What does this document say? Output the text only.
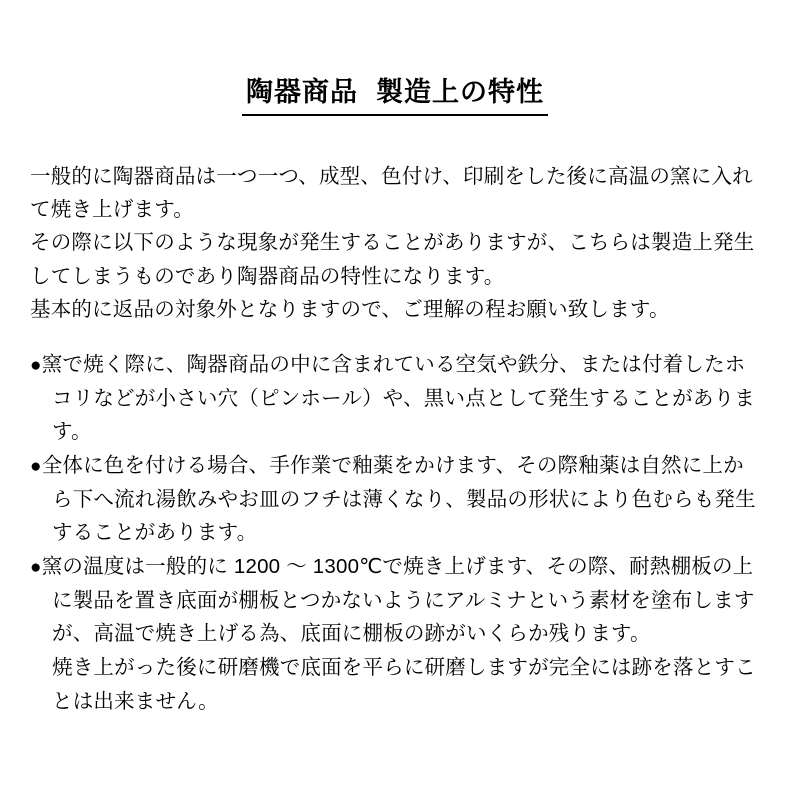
陶器商品 製造上の特性

一般的に陶器商品は一つ一つ、成型、色付け、印刷をした後に高温の窯に入れて焼き上げます。

その際に以下のような現象が発生することがありますが、こちらは製造上発生してしまうものであり陶器商品の特性になります。

基本的に返品の対象外となりますので、ご理解の程お願い致します。

●窯で焼く際に、陶器商品の中に含まれている空気や鉄分、または付着したホコリなどが小さい穴（ピンホール）や、黒い点として発生することがあります。
●全体に色を付ける場合、手作業で釉薬をかけます、その際釉薬は自然に上から下へ流れ湯飲みやお皿のフチは薄くなり、製品の形状により色むらも発生することがあります。
●窯の温度は一般的に 1200 ～ 1300℃で焼き上げます、その際、耐熱棚板の上に製品を置き底面が棚板とつかないようにアルミナという素材を塗布しますが、高温で焼き上げる為、底面に棚板の跡がいくらか残ります。
焼き上がった後に研磨機で底面を平らに研磨しますが完全には跡を落とすことは出来ません。
